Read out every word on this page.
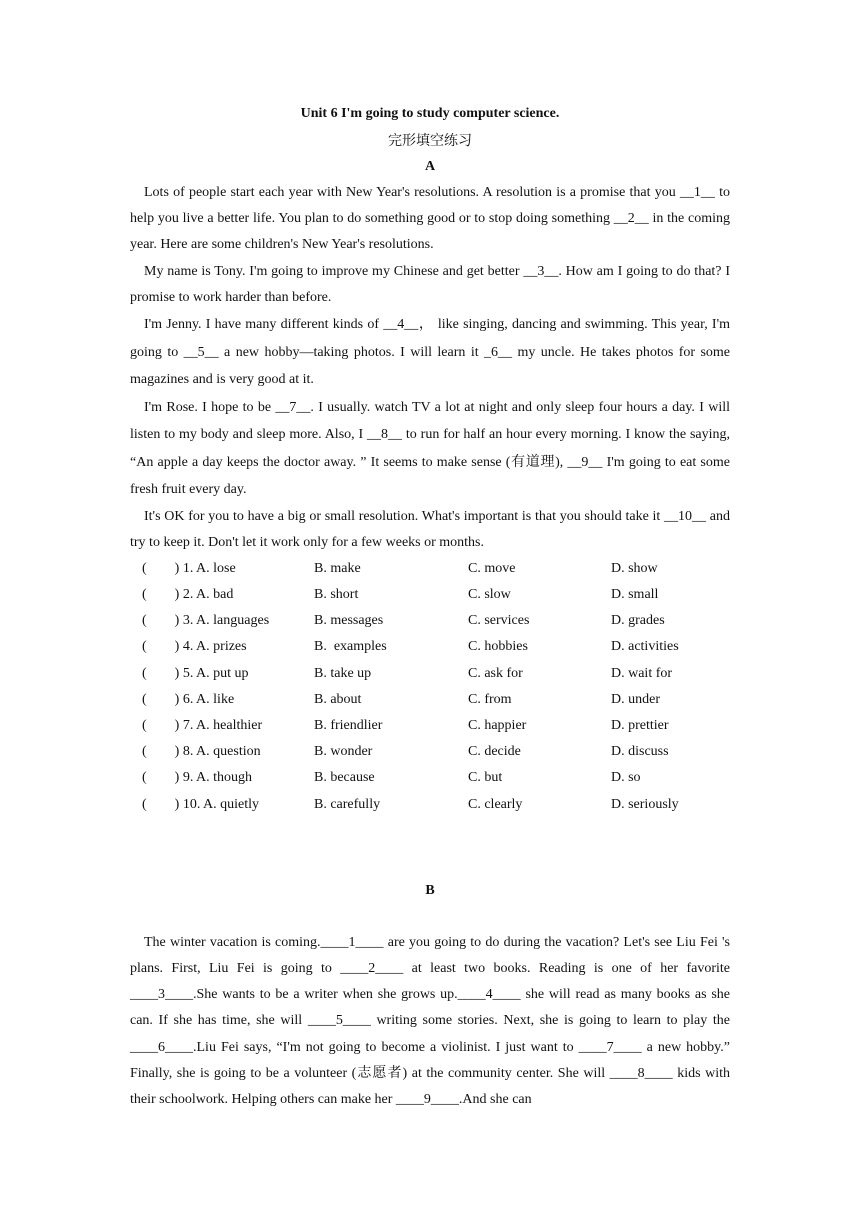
Unit 6 I'm going to study computer science.

完形填空练习

A

Lots of people start each year with New Year's resolutions. A resolution is a promise that you __1__ to help you live a better life. You plan to do something good or to stop doing something __2__ in the coming year. Here are some children's New Year's resolutions.

My name is Tony. I'm going to improve my Chinese and get better __3__. How am I going to do that? I promise to work harder than before.

I'm Jenny. I have many different kinds of __4__， like singing, dancing and swimming. This year, I'm going to __5__ a new hobby—taking photos. I will learn it _6__ my uncle. He takes photos for some magazines and is very good at it.

I'm Rose. I hope to be __7__. I usually. watch TV a lot at night and only sleep four hours a day. I will listen to my body and sleep more. Also, I __8__ to run for half an hour every morning. I know the saying, “An apple a day keeps the doctor away. ” It seems to make sense (有道理), __9__ I'm going to eat some fresh fruit every day.

It's OK for you to have a big or small resolution. What's important is that you should take it __10__ and try to keep it. Don't let it work only for a few weeks or months.

(        ) 1. A. lose	B. make	C. move	D. show
(        ) 2. A. bad	B. short	C. slow	D. small
(        ) 3. A. languages	B. messages	C. services	D. grades
(        ) 4. A. prizes	B.  examples	C. hobbies	D. activities
(        ) 5. A. put up	B. take up	C. ask for	D. wait for
(        ) 6. A. like	B. about	C. from	D. under
(        ) 7. A. healthier	B. friendlier	C. happier	D. prettier
(        ) 8. A. question	B. wonder	C. decide	D. discuss
(        ) 9. A. though	B. because	C. but	D. so
(        ) 10. A. quietly	B. carefully	C. clearly	D. seriously

B

The winter vacation is coming.____1____ are you going to do during the vacation? Let's see Liu Fei 's plans. First, Liu Fei is going to ____2____ at least two books. Reading is one of her favorite ____3____.She wants to be a writer when she grows up.____4____ she will read as many books as she can. If she has time, she will ____5____ writing some stories. Next, she is going to learn to play the ____6____.Liu Fei says, “I'm not going to become a violinist. I just want to ____7____ a new hobby.” Finally, she is going to be a volunteer (志愿者) at the community center. She will ____8____ kids with their schoolwork. Helping others can make her ____9____.And she can
